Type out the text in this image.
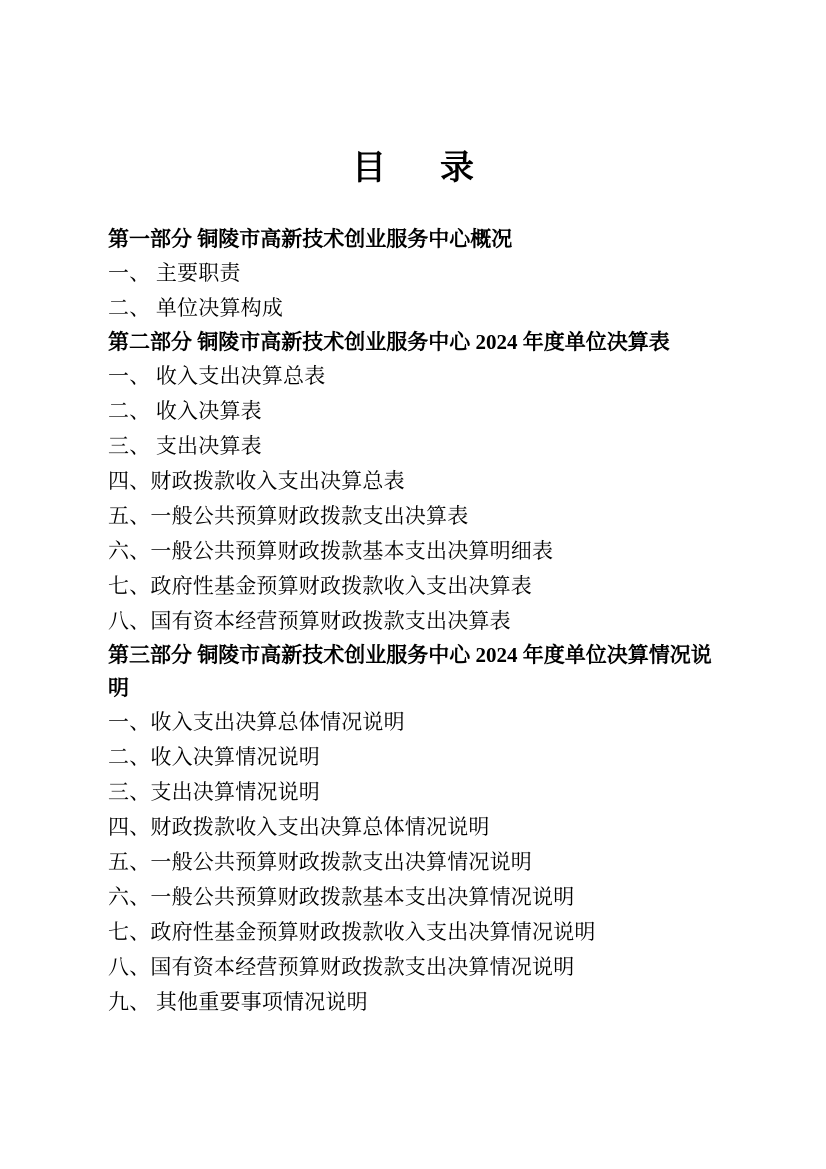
目　录
第一部分 铜陵市高新技术创业服务中心概况
一、 主要职责
二、 单位决算构成
第二部分 铜陵市高新技术创业服务中心 2024 年度单位决算表
一、 收入支出决算总表
二、 收入决算表
三、 支出决算表
四、财政拨款收入支出决算总表
五、一般公共预算财政拨款支出决算表
六、一般公共预算财政拨款基本支出决算明细表
七、政府性基金预算财政拨款收入支出决算表
八、国有资本经营预算财政拨款支出决算表
第三部分 铜陵市高新技术创业服务中心 2024 年度单位决算情况说明
一、收入支出决算总体情况说明
二、收入决算情况说明
三、支出决算情况说明
四、财政拨款收入支出决算总体情况说明
五、一般公共预算财政拨款支出决算情况说明
六、一般公共预算财政拨款基本支出决算情况说明
七、政府性基金预算财政拨款收入支出决算情况说明
八、国有资本经营预算财政拨款支出决算情况说明
九、 其他重要事项情况说明
